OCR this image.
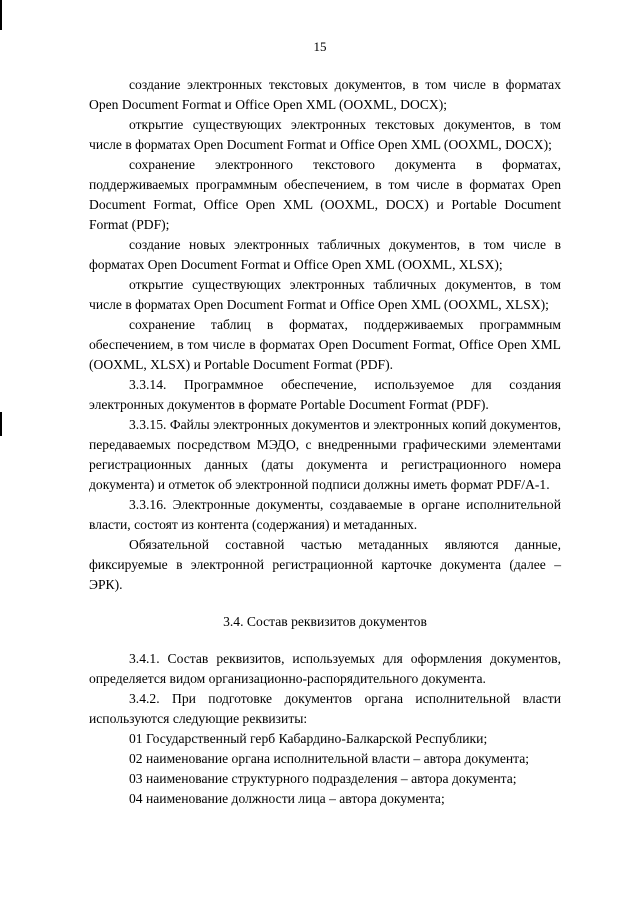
15

создание электронных текстовых документов, в том числе в форматах Open Document Format и Office Open XML (OOXML, DOCX);

открытие существующих электронных текстовых документов, в том числе в форматах Open Document Format и Office Open XML (OOXML, DOCX);

сохранение электронного текстового документа в форматах, поддерживаемых программным обеспечением, в том числе в форматах Open Document Format, Office Open XML (OOXML, DOCX) и Portable Document Format (PDF);

создание новых электронных табличных документов, в том числе в форматах Open Document Format и Office Open XML (OOXML, XLSX);

открытие существующих электронных табличных документов, в том числе в форматах Open Document Format и Office Open XML (OOXML, XLSX);

сохранение таблиц в форматах, поддерживаемых программным обеспечением, в том числе в форматах Open Document Format, Office Open XML (OOXML, XLSX) и Portable Document Format (PDF).

3.3.14. Программное обеспечение, используемое для создания электронных документов в формате Portable Document Format (PDF).

3.3.15. Файлы электронных документов и электронных копий документов, передаваемых посредством МЭДО, с внедренными графическими элементами регистрационных данных (даты документа и регистрационного номера документа) и отметок об электронной подписи должны иметь формат PDF/A-1.

3.3.16. Электронные документы, создаваемые в органе исполнительной власти, состоят из контента (содержания) и метаданных.

Обязательной составной частью метаданных являются данные, фиксируемые в электронной регистрационной карточке документа (далее – ЭРК).

3.4. Состав реквизитов документов

3.4.1. Состав реквизитов, используемых для оформления документов, определяется видом организационно-распорядительного документа.

3.4.2. При подготовке документов органа исполнительной власти используются следующие реквизиты:

01 Государственный герб Кабардино-Балкарской Республики;

02 наименование органа исполнительной власти – автора документа;

03 наименование структурного подразделения – автора документа;

04 наименование должности лица – автора документа;
